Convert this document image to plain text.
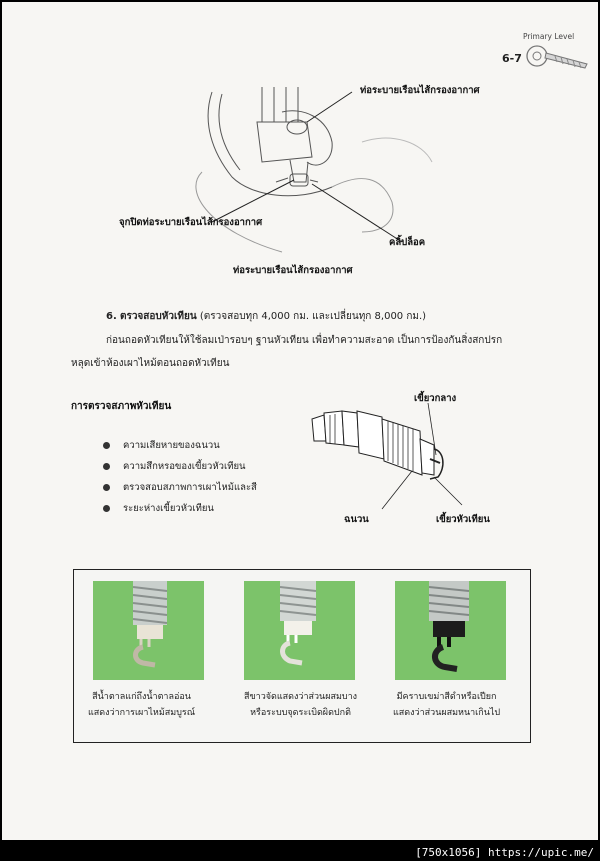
Primary Level
6-7
ท่อระบายเรือนไส้กรองอากาศ
จุกปิดท่อระบายเรือนไส้กรองอากาศ
คลิ้ปล็อค
ท่อระบายเรือนไส้กรองอากาศ
6. ตรวจสอบหัวเทียน (ตรวจสอบทุก 4,000 กม. และเปลี่ยนทุก 8,000 กม.)
ก่อนถอดหัวเทียนให้ใช้ลมเป่ารอบๆ ฐานหัวเทียน เพื่อทำความสะอาด เป็นการป้องกันสิ่งสกปรก
หลุดเข้าห้องเผาไหม้ตอนถอดหัวเทียน
การตรวจสภาพหัวเทียน
ความเสียหายของฉนวน
ความสึกหรอของเขี้ยวหัวเทียน
ตรวจสอบสภาพการเผาไหม้และสี
ระยะห่างเขี้ยวหัวเทียน
เขี้ยวกลาง
ฉนวน	เขี้ยวหัวเทียน
สีน้ำตาลแก่ถึงน้ำตาลอ่อน
แสดงว่าการเผาไหม้สมบูรณ์
สีขาวจัดแสดงว่าส่วนผสมบาง
หรือระบบจุดระเบิดผิดปกติ
มีคราบเขม่าสีดำหรือเปียก
แสดงว่าส่วนผสมหนาเกินไป
[750x1056] https://upic.me/
